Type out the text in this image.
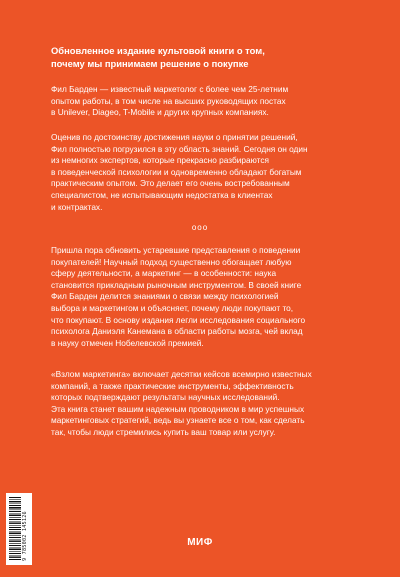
Обновленное издание культовой книги о том,
почему мы принимаем решение о покупке

Фил Барден — известный маркетолог с более чем 25-летним
опытом работы, в том числе на высших руководящих постах
в Unilever, Diageo, T-Mobile и других крупных компаниях.

Оценив по достоинству достижения науки о принятии решений,
Фил полностью погрузился в эту область знаний. Сегодня он один
из немногих экспертов, которые прекрасно разбираются
в поведенческой психологии и одновременно обладают богатым
практическим опытом. Это делает его очень востребованным
специалистом, не испытывающим недостатка в клиентах
и контрактах.

ооо

Пришла пора обновить устаревшие представления о поведении
покупателей! Научный подход существенно обогащает любую
сферу деятельности, а маркетинг — в особенности: наука
становится прикладным рыночным инструментом. В своей книге
Фил Барден делится знаниями о связи между психологией
выбора и маркетингом и объясняет, почему люди покупают то,
что покупают. В основу издания легли исследования социального
психолога Даниэля Канемана в области работы мозга, чей вклад
в науку отмечен Нобелевской премией.

«Взлом маркетинга» включает десятки кейсов всемирно известных
компаний, а также практические инструменты, эффективность
которых подтверждают результаты научных исследований.
Эта книга станет вашим надежным проводником в мир успешных
маркетинговых стратегий, ведь вы узнаете все о том, как сделать
так, чтобы люди стремились купить ваш товар или услугу.

9 785002 145126	МИФ
